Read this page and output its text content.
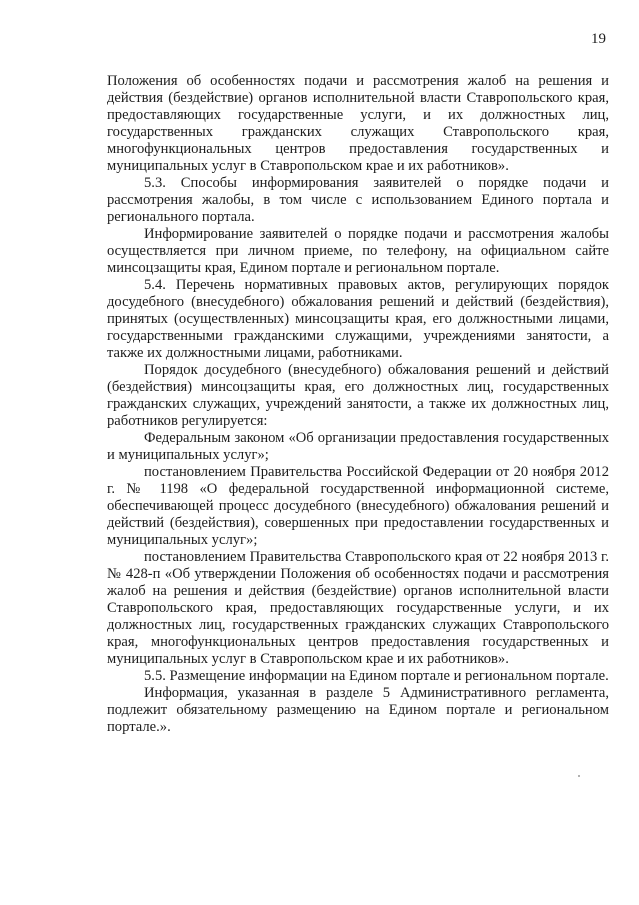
19

Положения об особенностях подачи и рассмотрения жалоб на решения и действия (бездействие) органов исполнительной власти Ставропольского края, предоставляющих государственные услуги, и их должностных лиц, государственных гражданских служащих Ставропольского края, многофункциональных центров предоставления государственных и муниципальных услуг в Ставропольском крае и их работников».

5.3. Способы информирования заявителей о порядке подачи и рассмотрения жалобы, в том числе с использованием Единого портала и регионального портала.

Информирование заявителей о порядке подачи и рассмотрения жалобы осуществляется при личном приеме, по телефону, на официальном сайте минсоцзащиты края, Едином портале и региональном портале.

5.4. Перечень нормативных правовых актов, регулирующих порядок досудебного (внесудебного) обжалования решений и действий (бездействия), принятых (осуществленных) минсоцзащиты края, его должностными лицами, государственными гражданскими служащими, учреждениями занятости, а также их должностными лицами, работниками.

Порядок досудебного (внесудебного) обжалования решений и действий (бездействия) минсоцзащиты края, его должностных лиц, государственных гражданских служащих, учреждений занятости, а также их должностных лиц, работников регулируется:

Федеральным законом «Об организации предоставления государственных и муниципальных услуг»;

постановлением Правительства Российской Федерации от 20 ноября 2012 г. № 1198 «О федеральной государственной информационной системе, обеспечивающей процесс досудебного (внесудебного) обжалования решений и действий (бездействия), совершенных при предоставлении государственных и муниципальных услуг»;

постановлением Правительства Ставропольского края от 22 ноября 2013 г. № 428-п «Об утверждении Положения об особенностях подачи и рассмотрения жалоб на решения и действия (бездействие) органов исполнительной власти Ставропольского края, предоставляющих государственные услуги, и их должностных лиц, государственных гражданских служащих Ставропольского края, многофункциональных центров предоставления государственных и муниципальных услуг в Ставропольском крае и их работников».

5.5. Размещение информации на Едином портале и региональном портале.

Информация, указанная в разделе 5 Административного регламента, подлежит обязательному размещению на Едином портале и региональном портале.».
